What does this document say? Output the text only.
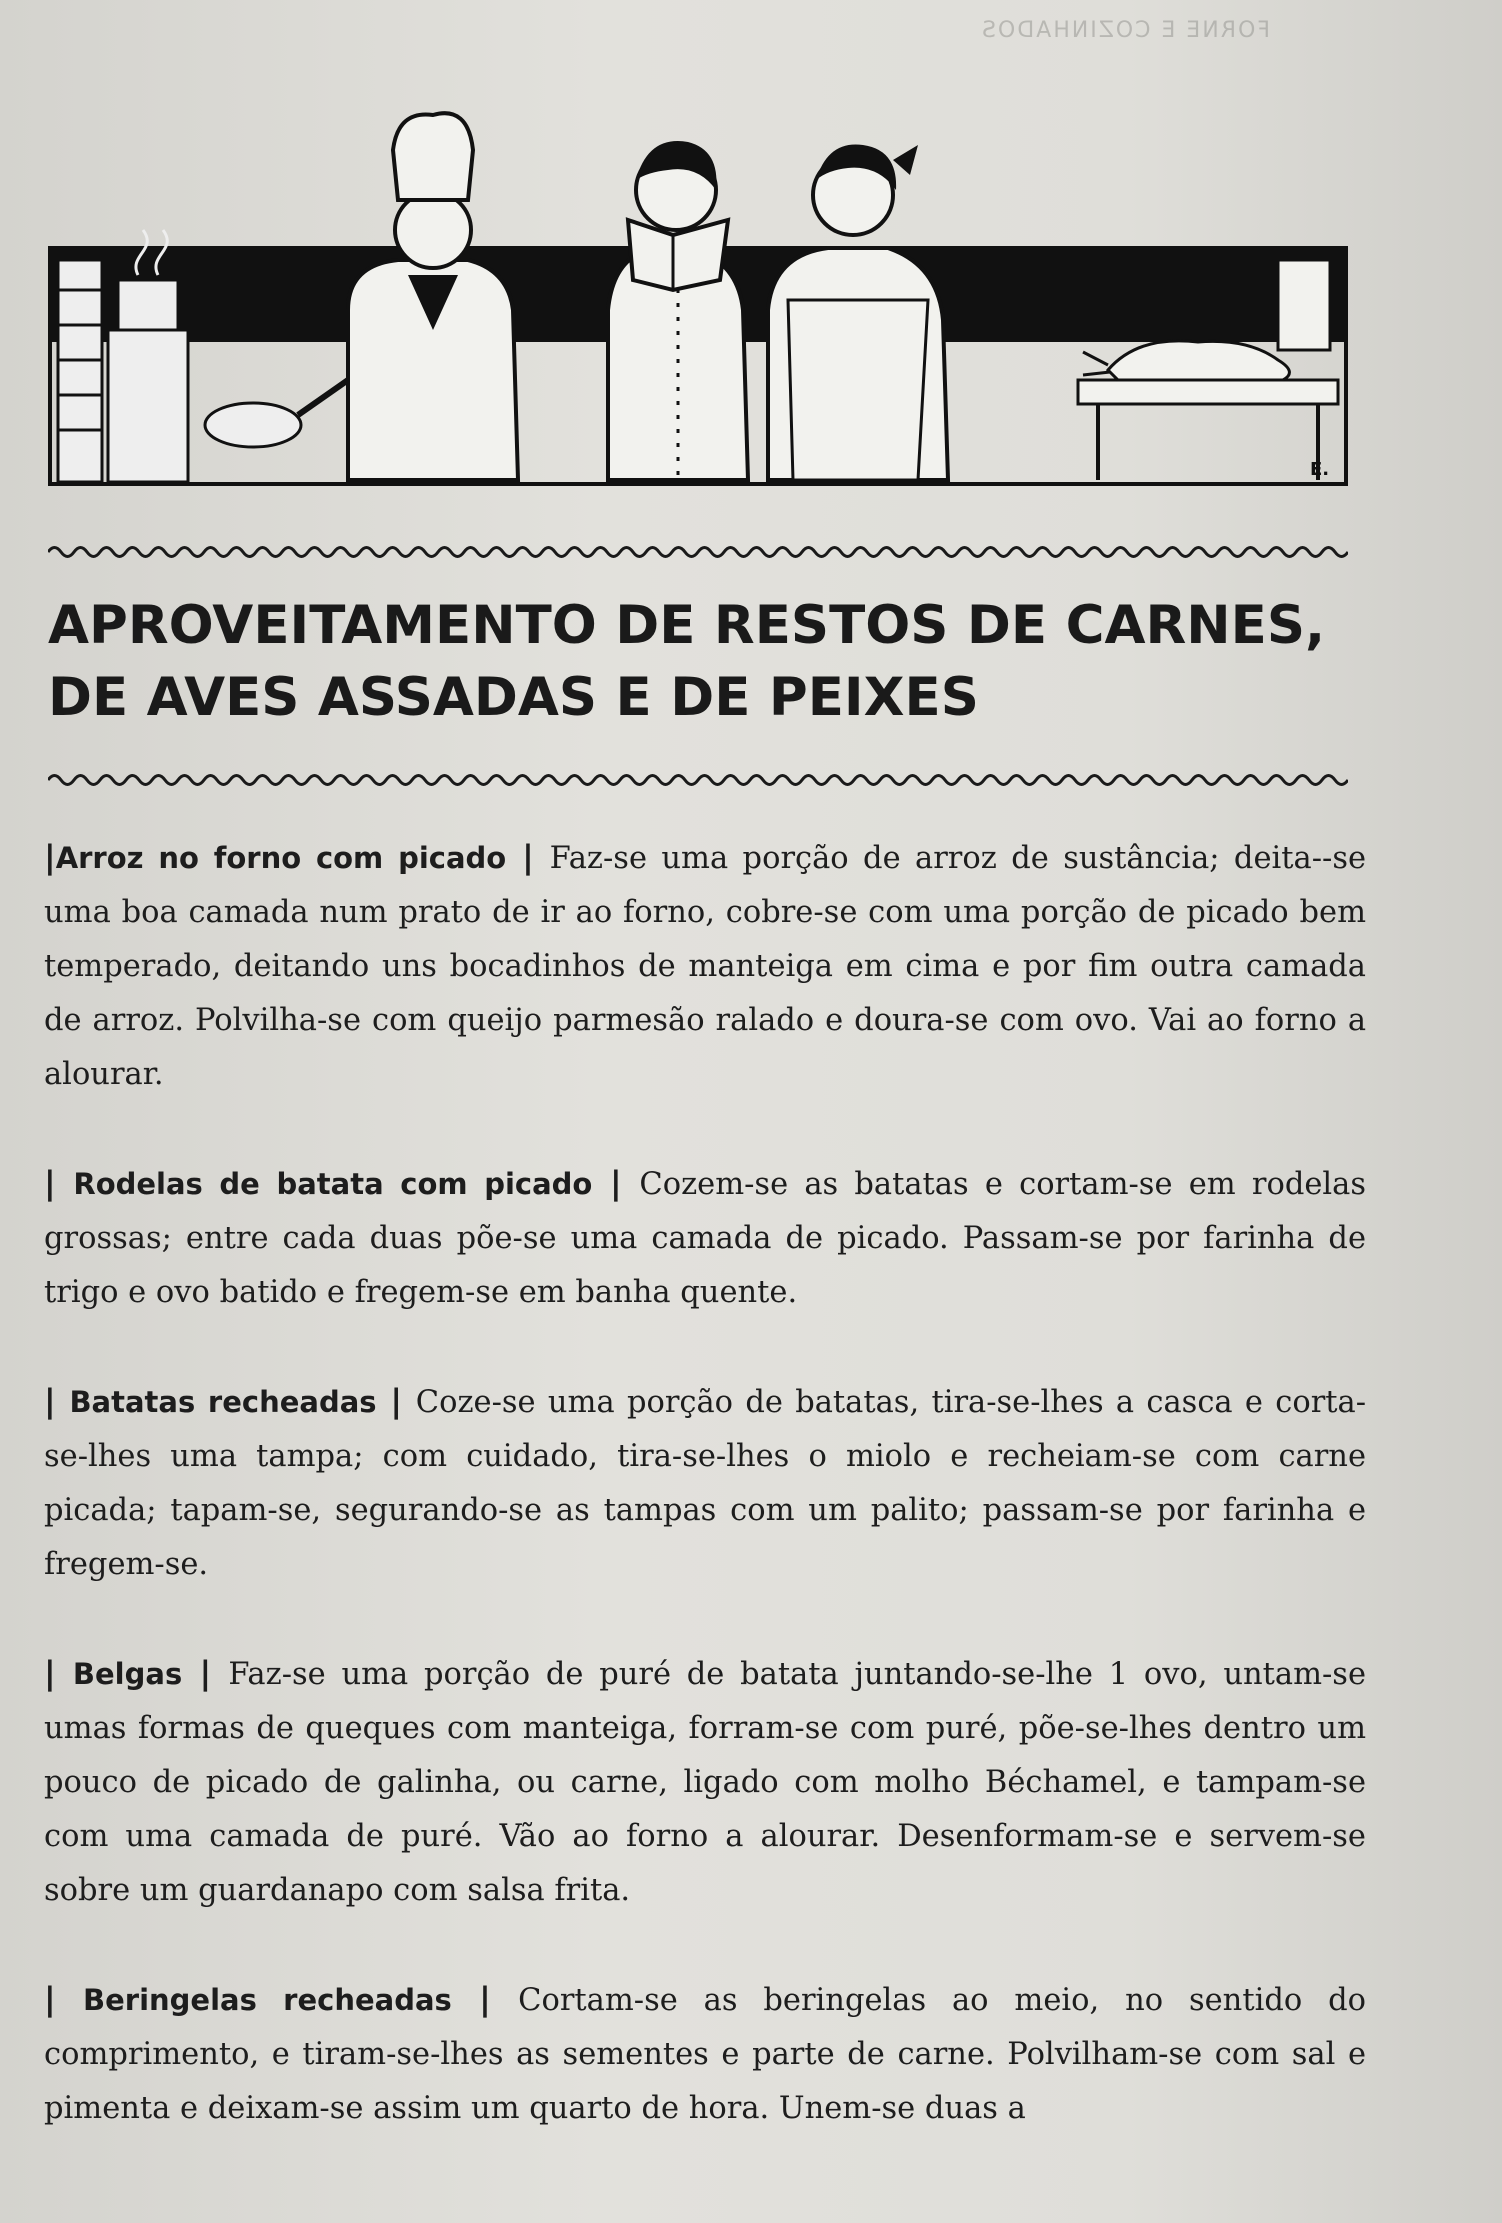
FORNE E COZINHADOS
E.
APROVEITAMENTO DE RESTOS DE CARNES,
DE AVES ASSADAS E DE PEIXES

|Arroz no forno com picado | Faz-se uma porção de arroz de sustância; deita--se uma boa camada num prato de ir ao forno, cobre-se com uma porção de picado bem temperado, deitando uns bocadinhos de manteiga em cima e por fim outra camada de arroz. Polvilha-se com queijo parmesão ralado e doura-se com ovo. Vai ao forno a alourar.

| Rodelas de batata com picado | Cozem-se as batatas e cortam-se em rodelas grossas; entre cada duas põe-se uma camada de picado. Passam-se por farinha de trigo e ovo batido e fregem-se em banha quente.

| Batatas recheadas | Coze-se uma porção de batatas, tira-se-lhes a casca e corta-se-lhes uma tampa; com cuidado, tira-se-lhes o miolo e recheiam-se com carne picada; tapam-se, segurando-se as tampas com um palito; passam-se por farinha e fregem-se.

| Belgas | Faz-se uma porção de puré de batata juntando-se-lhe 1 ovo, untam-se umas formas de queques com manteiga, forram-se com puré, põe-se-lhes dentro um pouco de picado de galinha, ou carne, ligado com molho Béchamel, e tampam-se com uma camada de puré. Vão ao forno a alourar. Desenformam-se e servem-se sobre um guardanapo com salsa frita.

| Beringelas recheadas | Cortam-se as beringelas ao meio, no sentido do comprimento, e tiram-se-lhes as sementes e parte de carne. Polvilham-se com sal e pimenta e deixam-se assim um quarto de hora. Unem-se duas a
